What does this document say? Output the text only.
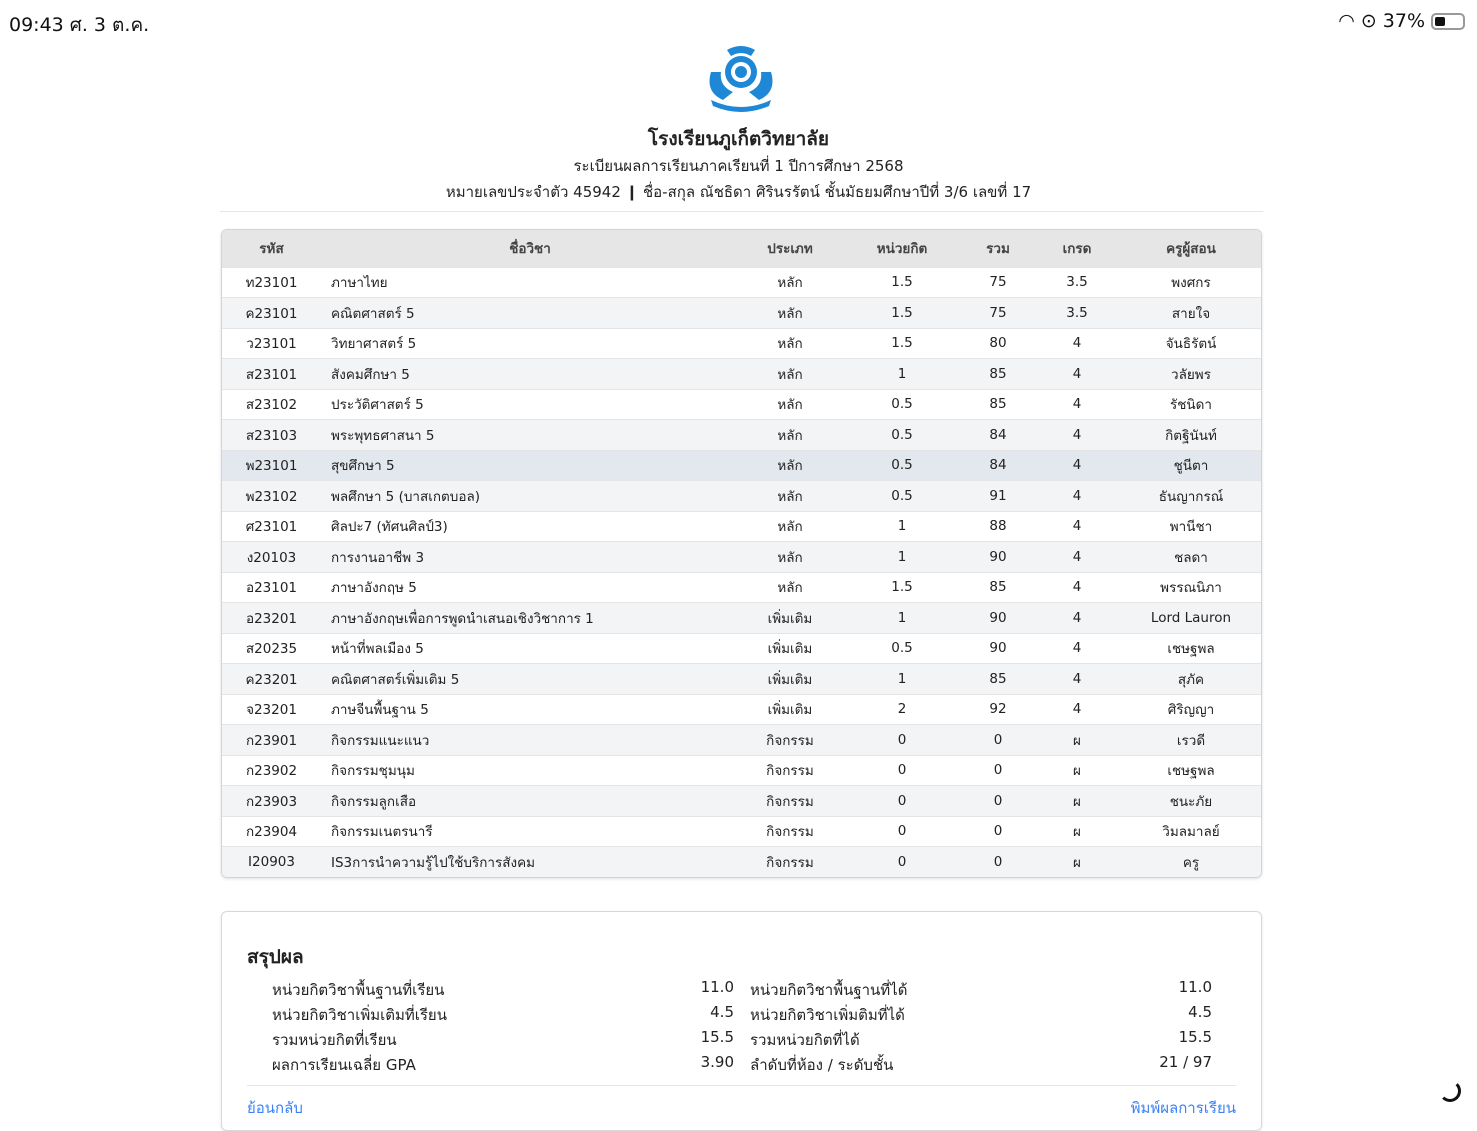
09:43 ศ. 3 ต.ค.	◠ ⊙ 37%
โรงเรียนภูเก็ตวิทยาลัย
ระเบียนผลการเรียนภาคเรียนที่ 1 ปีการศึกษา 2568
หมายเลขประจำตัว 45942 ❙ ชื่อ-สกุล ณัชธิดา ศิรินรรัตน์ ชั้นมัธยมศึกษาปีที่ 3/6 เลขที่ 17
รหัส	ชื่อวิชา	ประเภท	หน่วยกิต	รวม	เกรด	ครูผู้สอน
ท23101	ภาษาไทย	หลัก	1.5	75	3.5	พงศกร
ค23101	คณิตศาสตร์ 5	หลัก	1.5	75	3.5	สายใจ
ว23101	วิทยาศาสตร์ 5	หลัก	1.5	80	4	จันธิรัตน์
ส23101	สังคมศึกษา 5	หลัก	1	85	4	วลัยพร
ส23102	ประวัติศาสตร์ 5	หลัก	0.5	85	4	รัชนิดา
ส23103	พระพุทธศาสนา 5	หลัก	0.5	84	4	กิตฐินันท์
พ23101	สุขศึกษา 5	หลัก	0.5	84	4	ชูนีตา
พ23102	พลศึกษา 5 (บาสเกตบอล)	หลัก	0.5	91	4	ธันญากรณ์
ศ23101	ศิลปะ7 (ทัศนศิลป์3)	หลัก	1	88	4	พานีชา
ง20103	การงานอาชีพ 3	หลัก	1	90	4	ชลดา
อ23101	ภาษาอังกฤษ 5	หลัก	1.5	85	4	พรรณนิภา
อ23201	ภาษาอังกฤษเพื่อการพูดนำเสนอเชิงวิชาการ 1	เพิ่มเติม	1	90	4	Lord Lauron
ส20235	หน้าที่พลเมือง 5	เพิ่มเติม	0.5	90	4	เชษฐพล
ค23201	คณิตศาสตร์เพิ่มเติม 5	เพิ่มเติม	1	85	4	สุภัค
จ23201	ภาษจีนพื้นฐาน 5	เพิ่มเติม	2	92	4	ศิริญญา
ก23901	กิจกรรมแนะแนว	กิจกรรม	0	0	ผ	เรวดี
ก23902	กิจกรรมชุมนุม	กิจกรรม	0	0	ผ	เชษฐพล
ก23903	กิจกรรมลูกเสือ	กิจกรรม	0	0	ผ	ชนะภัย
ก23904	กิจกรรมเนตรนารี	กิจกรรม	0	0	ผ	วิมลมาลย์
I20903	IS3การนำความรู้ไปใช้บริการสังคม	กิจกรรม	0	0	ผ	ครู
สรุปผล
หน่วยกิตวิชาพื้นฐานที่เรียน	11.0 หน่วยกิตวิชาพื้นฐานที่ได้	11.0
หน่วยกิตวิชาเพิ่มเติมที่เรียน	4.5 หน่วยกิตวิชาเพิ่มติมที่ได้	4.5
รวมหน่วยกิตที่เรียน	15.5 รวมหน่วยกิตที่ได้	15.5
ผลการเรียนเฉลี่ย GPA	3.90 ลำดับที่ห้อง / ระดับชั้น	21 / 97
ย้อนกลับ	พิมพ์ผลการเรียน
